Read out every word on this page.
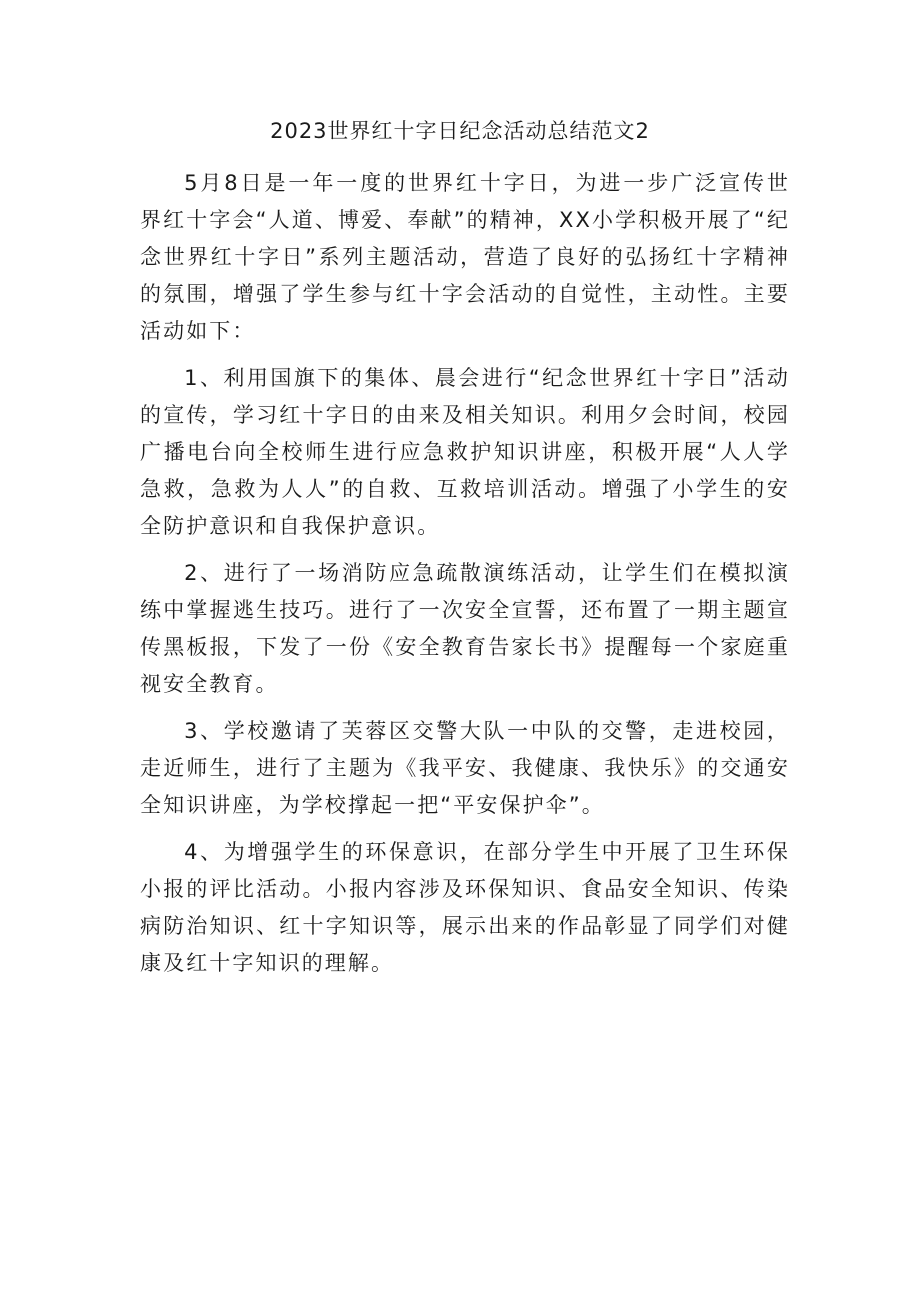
2023世界红十字日纪念活动总结范文2

5月8日是一年一度的世界红十字日，为进一步广泛宣传世界红十字会“人道、博爱、奉献”的精神，XX小学积极开展了“纪念世界红十字日”系列主题活动，营造了良好的弘扬红十字精神的氛围，增强了学生参与红十字会活动的自觉性，主动性。主要活动如下：

1、利用国旗下的集体、晨会进行“纪念世界红十字日”活动的宣传，学习红十字日的由来及相关知识。利用夕会时间，校园广播电台向全校师生进行应急救护知识讲座，积极开展“人人学急救，急救为人人”的自救、互救培训活动。增强了小学生的安全防护意识和自我保护意识。

2、进行了一场消防应急疏散演练活动，让学生们在模拟演练中掌握逃生技巧。进行了一次安全宣誓，还布置了一期主题宣传黑板报，下发了一份《安全教育告家长书》提醒每一个家庭重视安全教育。

3、学校邀请了芙蓉区交警大队一中队的交警，走进校园，走近师生，进行了主题为《我平安、我健康、我快乐》的交通安全知识讲座，为学校撑起一把“平安保护伞”。

4、为增强学生的环保意识，在部分学生中开展了卫生环保小报的评比活动。小报内容涉及环保知识、食品安全知识、传染病防治知识、红十字知识等，展示出来的作品彰显了同学们对健康及红十字知识的理解。
